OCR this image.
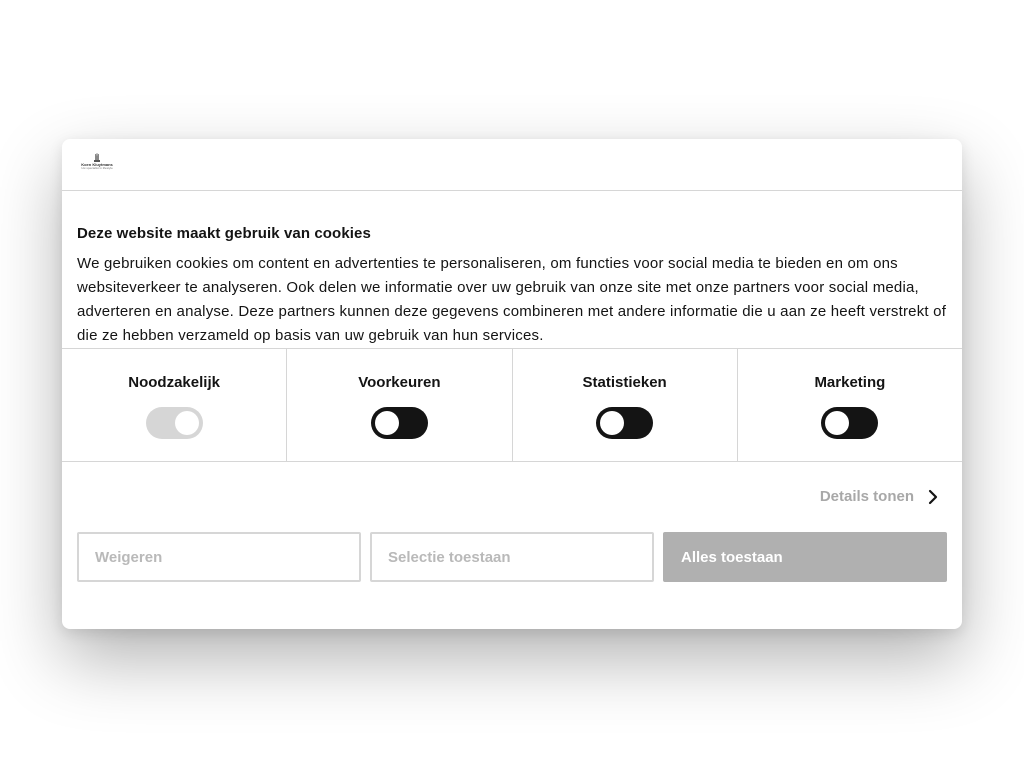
Koen Kluytmans
Uw specialist in lifestyle
Deze website maakt gebruik van cookies
We gebruiken cookies om content en advertenties te personaliseren, om functies voor social media te bieden en om ons websiteverkeer te analyseren. Ook delen we informatie over uw gebruik van onze site met onze partners voor social media, adverteren en analyse. Deze partners kunnen deze gegevens combineren met andere informatie die u aan ze heeft verstrekt of die ze hebben verzameld op basis van uw gebruik van hun services.
Noodzakelijk	Voorkeuren	Statistieken	Marketing
Details tonen
Weigeren	Selectie toestaan	Alles toestaan
